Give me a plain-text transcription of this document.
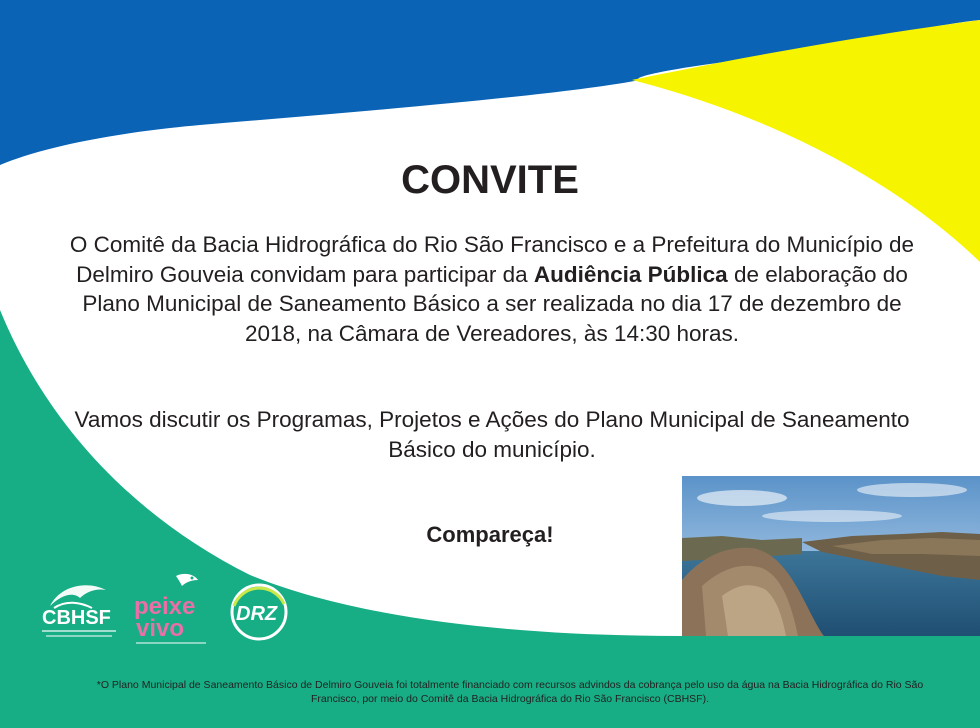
CONVITE

O Comitê da Bacia Hidrográfica do Rio São Francisco e a Prefeitura do Município de Delmiro Gouveia convidam para participar da Audiência Pública de elaboração do Plano Municipal de Saneamento Básico a ser realizada no dia 17 de dezembro de 2018, na Câmara de Vereadores, às 14:30 horas.

Vamos discutir os Programas, Projetos e Ações do Plano Municipal de Saneamento Básico do município.

Compareça!

CBHSF peixe
vivo
DRZ

*O Plano Municipal de Saneamento Básico de Delmiro Gouveia foi totalmente financiado com recursos advindos da cobrança pelo uso da água na Bacia Hidrográfica do Rio São Francisco, por meio do Comitê da Bacia Hidrográfica do Rio São Francisco (CBHSF).
